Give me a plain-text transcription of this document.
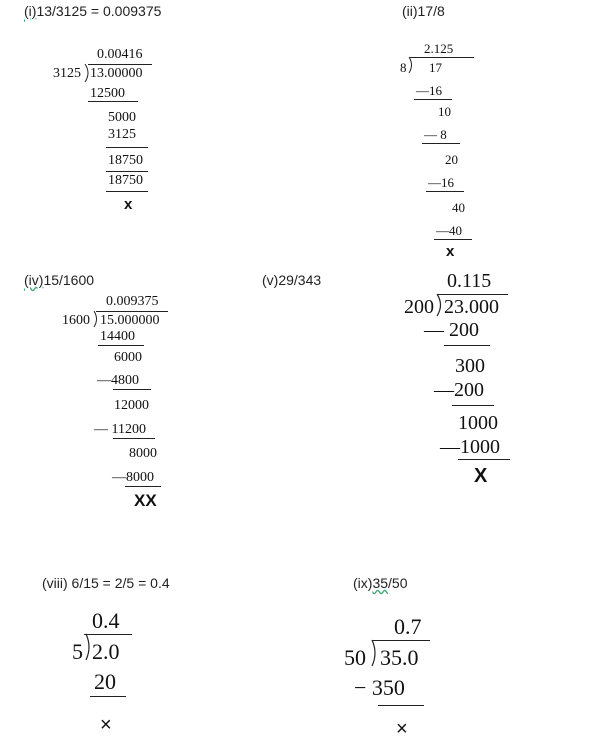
(i)13/3125 = 0.009375
0.00416
3125 13.00000
12500
5000
3125
18750
18750
x
(ii)17/8
2.125
8 17
—16
10
— 8
20
—16
40
—40
x
(iv)15/1600
0.009375
1600 15.000000
14400
6000
—4800
12000
— 11200
8000
—8000
XX
(v)29/343	0.115
200 23.000
— 200
300
—200
1000
—1000
X
(viii) 6/15 = 2/5 = 0.4
0.4
5 2.0
20
×
(ix)35/50
0.7
50 35.0
− 350
×
